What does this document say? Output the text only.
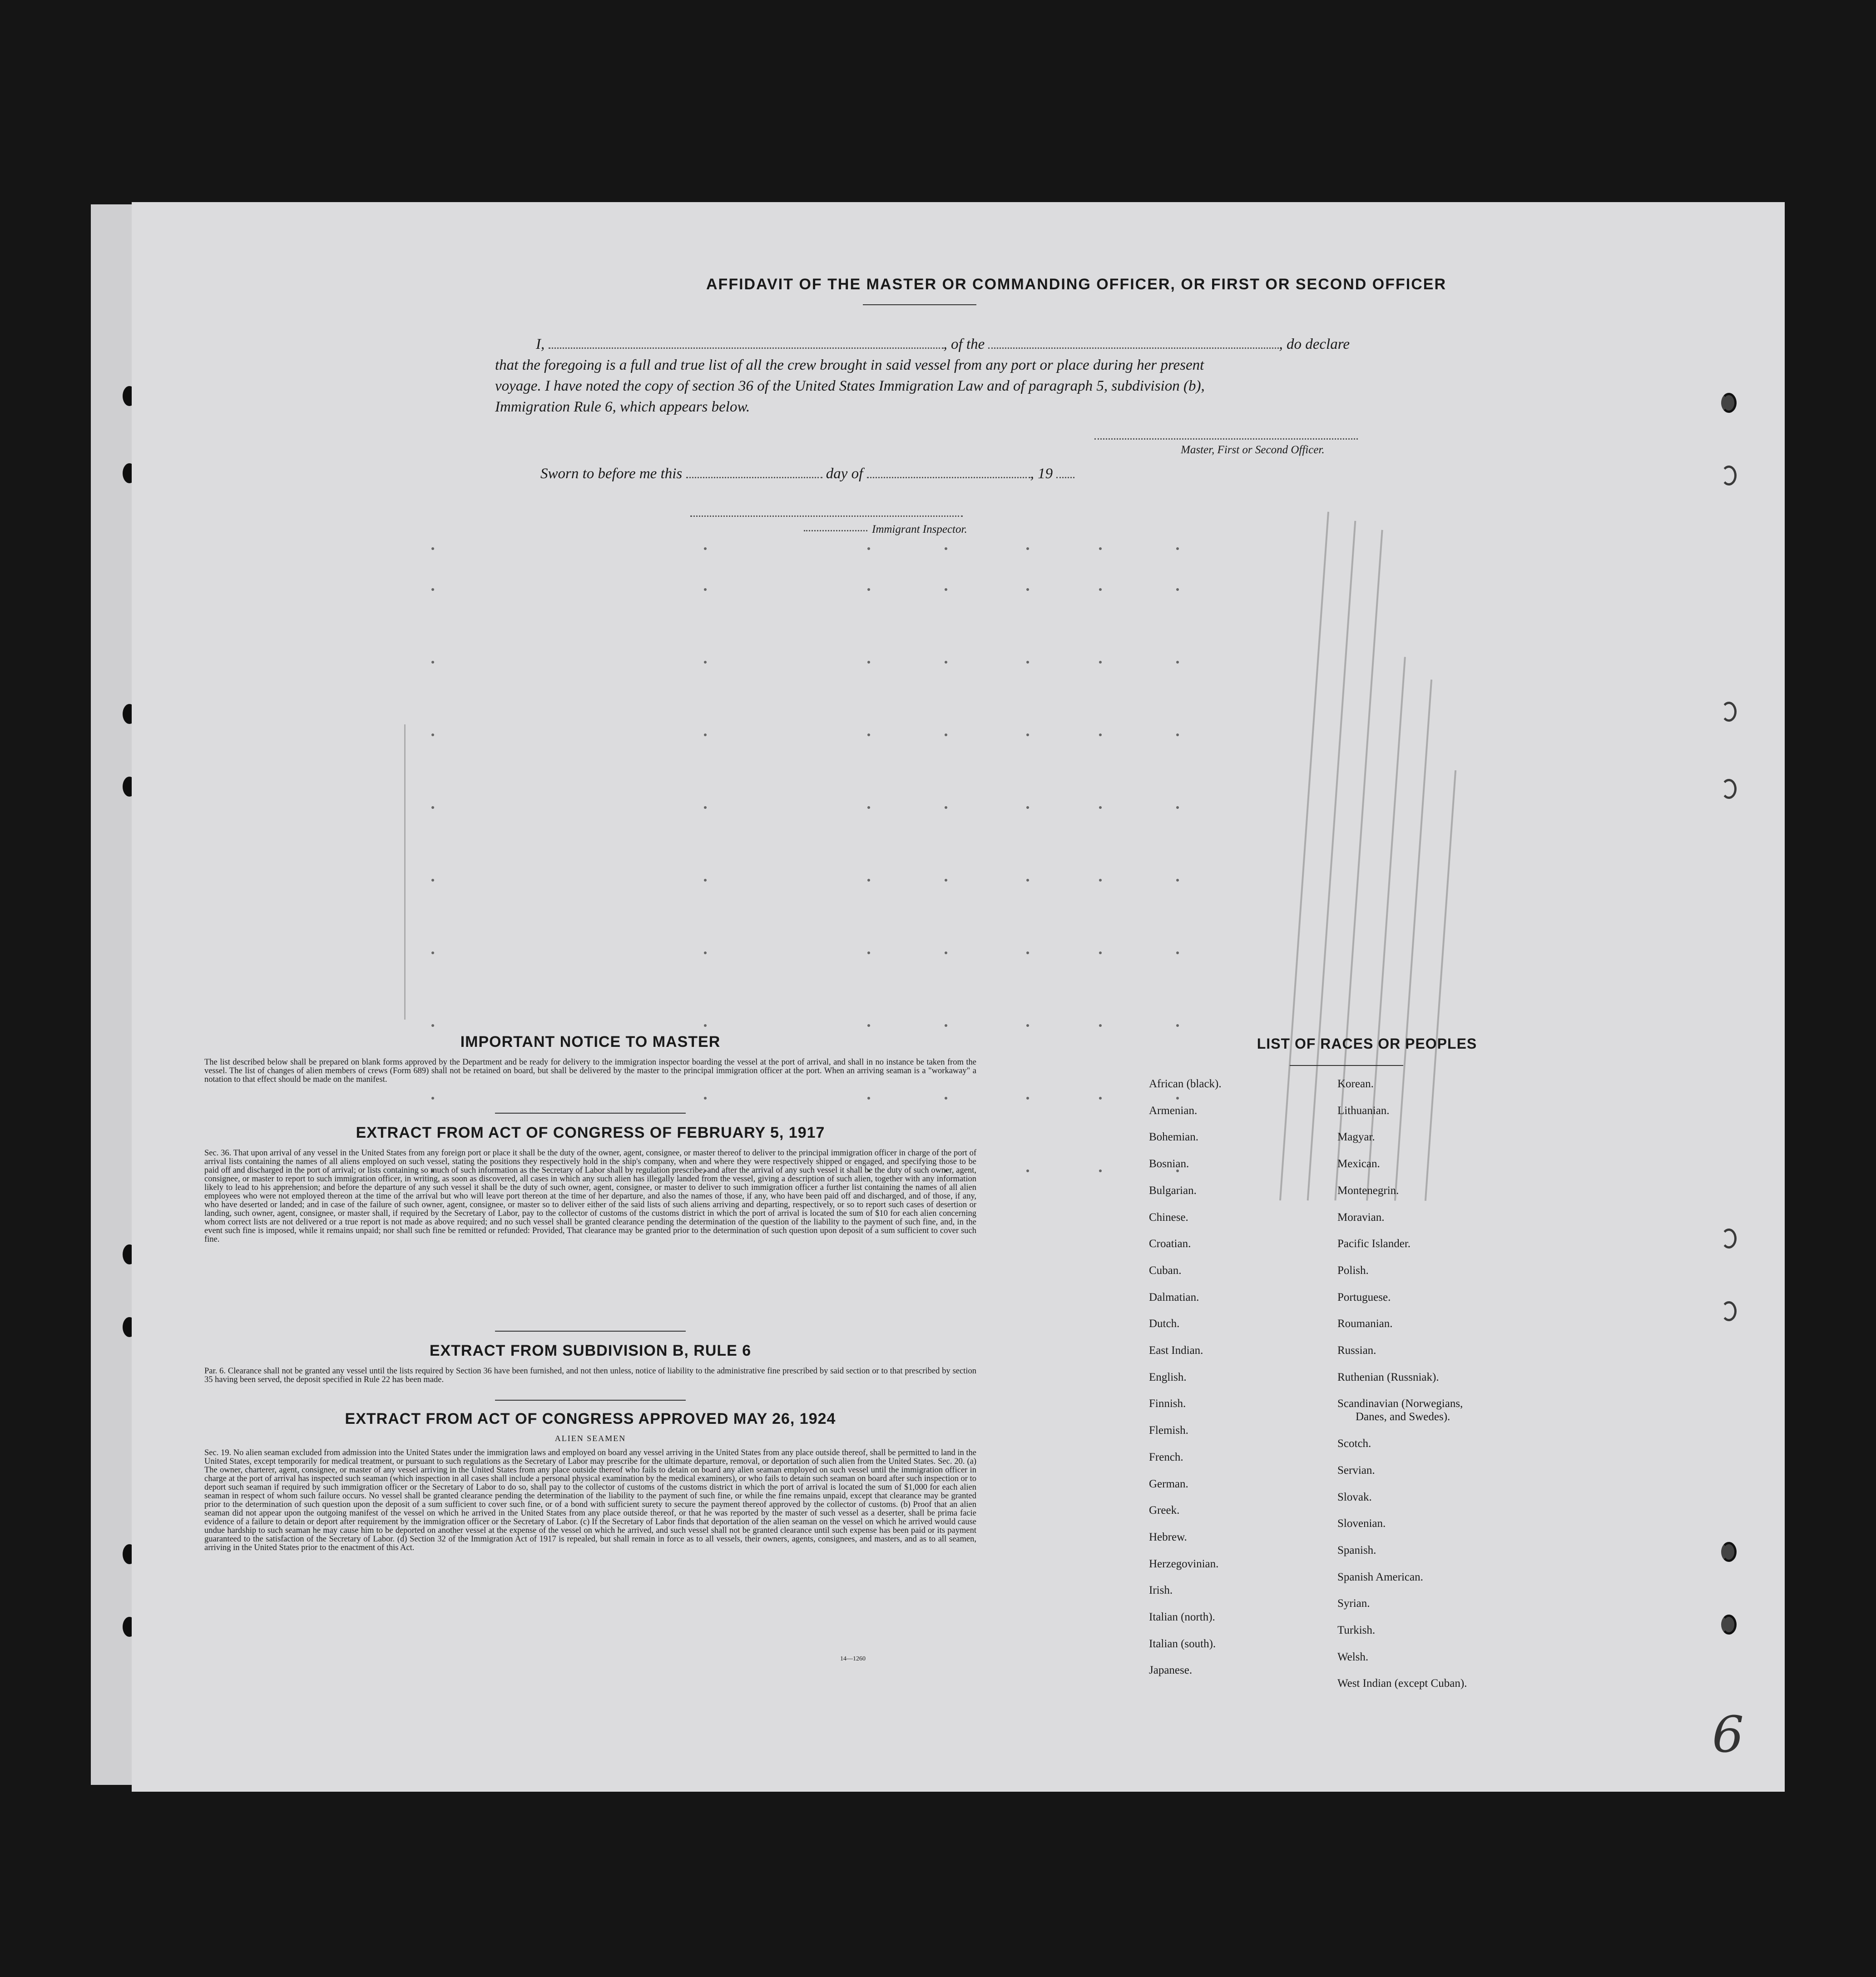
AFFIDAVIT OF THE MASTER OR COMMANDING OFFICER, OR FIRST OR SECOND OFFICER
I,	, of the	, do declare
that the foregoing is a full and true list of all the crew brought in said vessel from any port or place during her present
voyage. I have noted the copy of section 36 of the United States Immigration Law and of paragraph 5, subdivision (b),
Immigration Rule 6, which appears below.
Master, First or Second Officer.
Sworn to before me this	day of	, 19
Immigrant Inspector.
IMPORTANT NOTICE TO MASTER
The list described below shall be prepared on blank forms approved by the Department and be ready for delivery to the immigration inspector boarding the vessel at the port of arrival, and shall in no instance be taken from the vessel. The list of changes of alien members of crews (Form 689) shall not be retained on board, but shall be delivered by the master to the principal immigration officer at the port. When an arriving seaman is a "workaway" a notation to that effect should be made on the manifest.
EXTRACT FROM ACT OF CONGRESS OF FEBRUARY 5, 1917
Sec. 36. That upon arrival of any vessel in the United States from any foreign port or place it shall be the duty of the owner, agent, consignee, or master thereof to deliver to the principal immigration officer in charge of the port of arrival lists containing the names of all aliens employed on such vessel, stating the positions they respectively hold in the ship's company, when and where they were respectively shipped or engaged, and specifying those to be paid off and discharged in the port of arrival; or lists containing so much of such information as the Secretary of Labor shall by regulation prescribe; and after the arrival of any such vessel it shall be the duty of such owner, agent, consignee, or master to report to such immigration officer, in writing, as soon as discovered, all cases in which any such alien has illegally landed from the vessel, giving a description of such alien, together with any information likely to lead to his apprehension; and before the departure of any such vessel it shall be the duty of such owner, agent, consignee, or master to deliver to such immigration officer a further list containing the names of all alien employees who were not employed thereon at the time of the arrival but who will leave port thereon at the time of her departure, and also the names of those, if any, who have been paid off and discharged, and of those, if any, who have deserted or landed; and in case of the failure of such owner, agent, consignee, or master so to deliver either of the said lists of such aliens arriving and departing, respectively, or so to report such cases of desertion or landing, such owner, agent, consignee, or master shall, if required by the Secretary of Labor, pay to the collector of customs of the customs district in which the port of arrival is located the sum of $10 for each alien concerning whom correct lists are not delivered or a true report is not made as above required; and no such vessel shall be granted clearance pending the determination of the question of the liability to the payment of such fine, and, in the event such fine is imposed, while it remains unpaid; nor shall such fine be remitted or refunded: Provided, That clearance may be granted prior to the determination of such question upon deposit of a sum sufficient to cover such fine.
EXTRACT FROM SUBDIVISION B, RULE 6
Par. 6. Clearance shall not be granted any vessel until the lists required by Section 36 have been furnished, and not then unless, notice of liability to the administrative fine prescribed by said section or to that prescribed by section 35 having been served, the deposit specified in Rule 22 has been made.
EXTRACT FROM ACT OF CONGRESS APPROVED MAY 26, 1924
ALIEN SEAMEN
Sec. 19. No alien seaman excluded from admission into the United States under the immigration laws and employed on board any vessel arriving in the United States from any place outside thereof, shall be permitted to land in the United States, except temporarily for medical treatment, or pursuant to such regulations as the Secretary of Labor may prescribe for the ultimate departure, removal, or deportation of such alien from the United States. Sec. 20. (a) The owner, charterer, agent, consignee, or master of any vessel arriving in the United States from any place outside thereof who fails to detain on board any alien seaman employed on such vessel until the immigration officer in charge at the port of arrival has inspected such seaman (which inspection in all cases shall include a personal physical examination by the medical examiners), or who fails to detain such seaman on board after such inspection or to deport such seaman if required by such immigration officer or the Secretary of Labor to do so, shall pay to the collector of customs of the customs district in which the port of arrival is located the sum of $1,000 for each alien seaman in respect of whom such failure occurs. No vessel shall be granted clearance pending the determination of the liability to the payment of such fine, or while the fine remains unpaid, except that clearance may be granted prior to the determination of such question upon the deposit of a sum sufficient to cover such fine, or of a bond with sufficient surety to secure the payment thereof approved by the collector of customs. (b) Proof that an alien seaman did not appear upon the outgoing manifest of the vessel on which he arrived in the United States from any place outside thereof, or that he was reported by the master of such vessel as a deserter, shall be prima facie evidence of a failure to detain or deport after requirement by the immigration officer or the Secretary of Labor. (c) If the Secretary of Labor finds that deportation of the alien seaman on the vessel on which he arrived would cause undue hardship to such seaman he may cause him to be deported on another vessel at the expense of the vessel on which he arrived, and such vessel shall not be granted clearance until such expense has been paid or its payment guaranteed to the satisfaction of the Secretary of Labor. (d) Section 32 of the Immigration Act of 1917 is repealed, but shall remain in force as to all vessels, their owners, agents, consignees, and masters, and as to all seamen, arriving in the United States prior to the enactment of this Act.
14—1260
LIST OF RACES OR PEOPLES
African (black).
Armenian.
Bohemian.
Bosnian.
Bulgarian.
Chinese.
Croatian.
Cuban.
Dalmatian.
Dutch.
East Indian.
English.
Finnish.
Flemish.
French.
German.
Greek.
Hebrew.
Herzegovinian.
Irish.
Italian (north).
Italian (south).
Japanese.
Korean.
Lithuanian.
Magyar.
Mexican.
Montenegrin.
Moravian.
Pacific Islander.
Polish.
Portuguese.
Roumanian.
Russian.
Ruthenian (Russniak).
Scandinavian (Norwegians,
Danes, and Swedes).
Scotch.
Servian.
Slovak.
Slovenian.
Spanish.
Spanish American.
Syrian.
Turkish.
Welsh.
West Indian (except Cuban).
6
